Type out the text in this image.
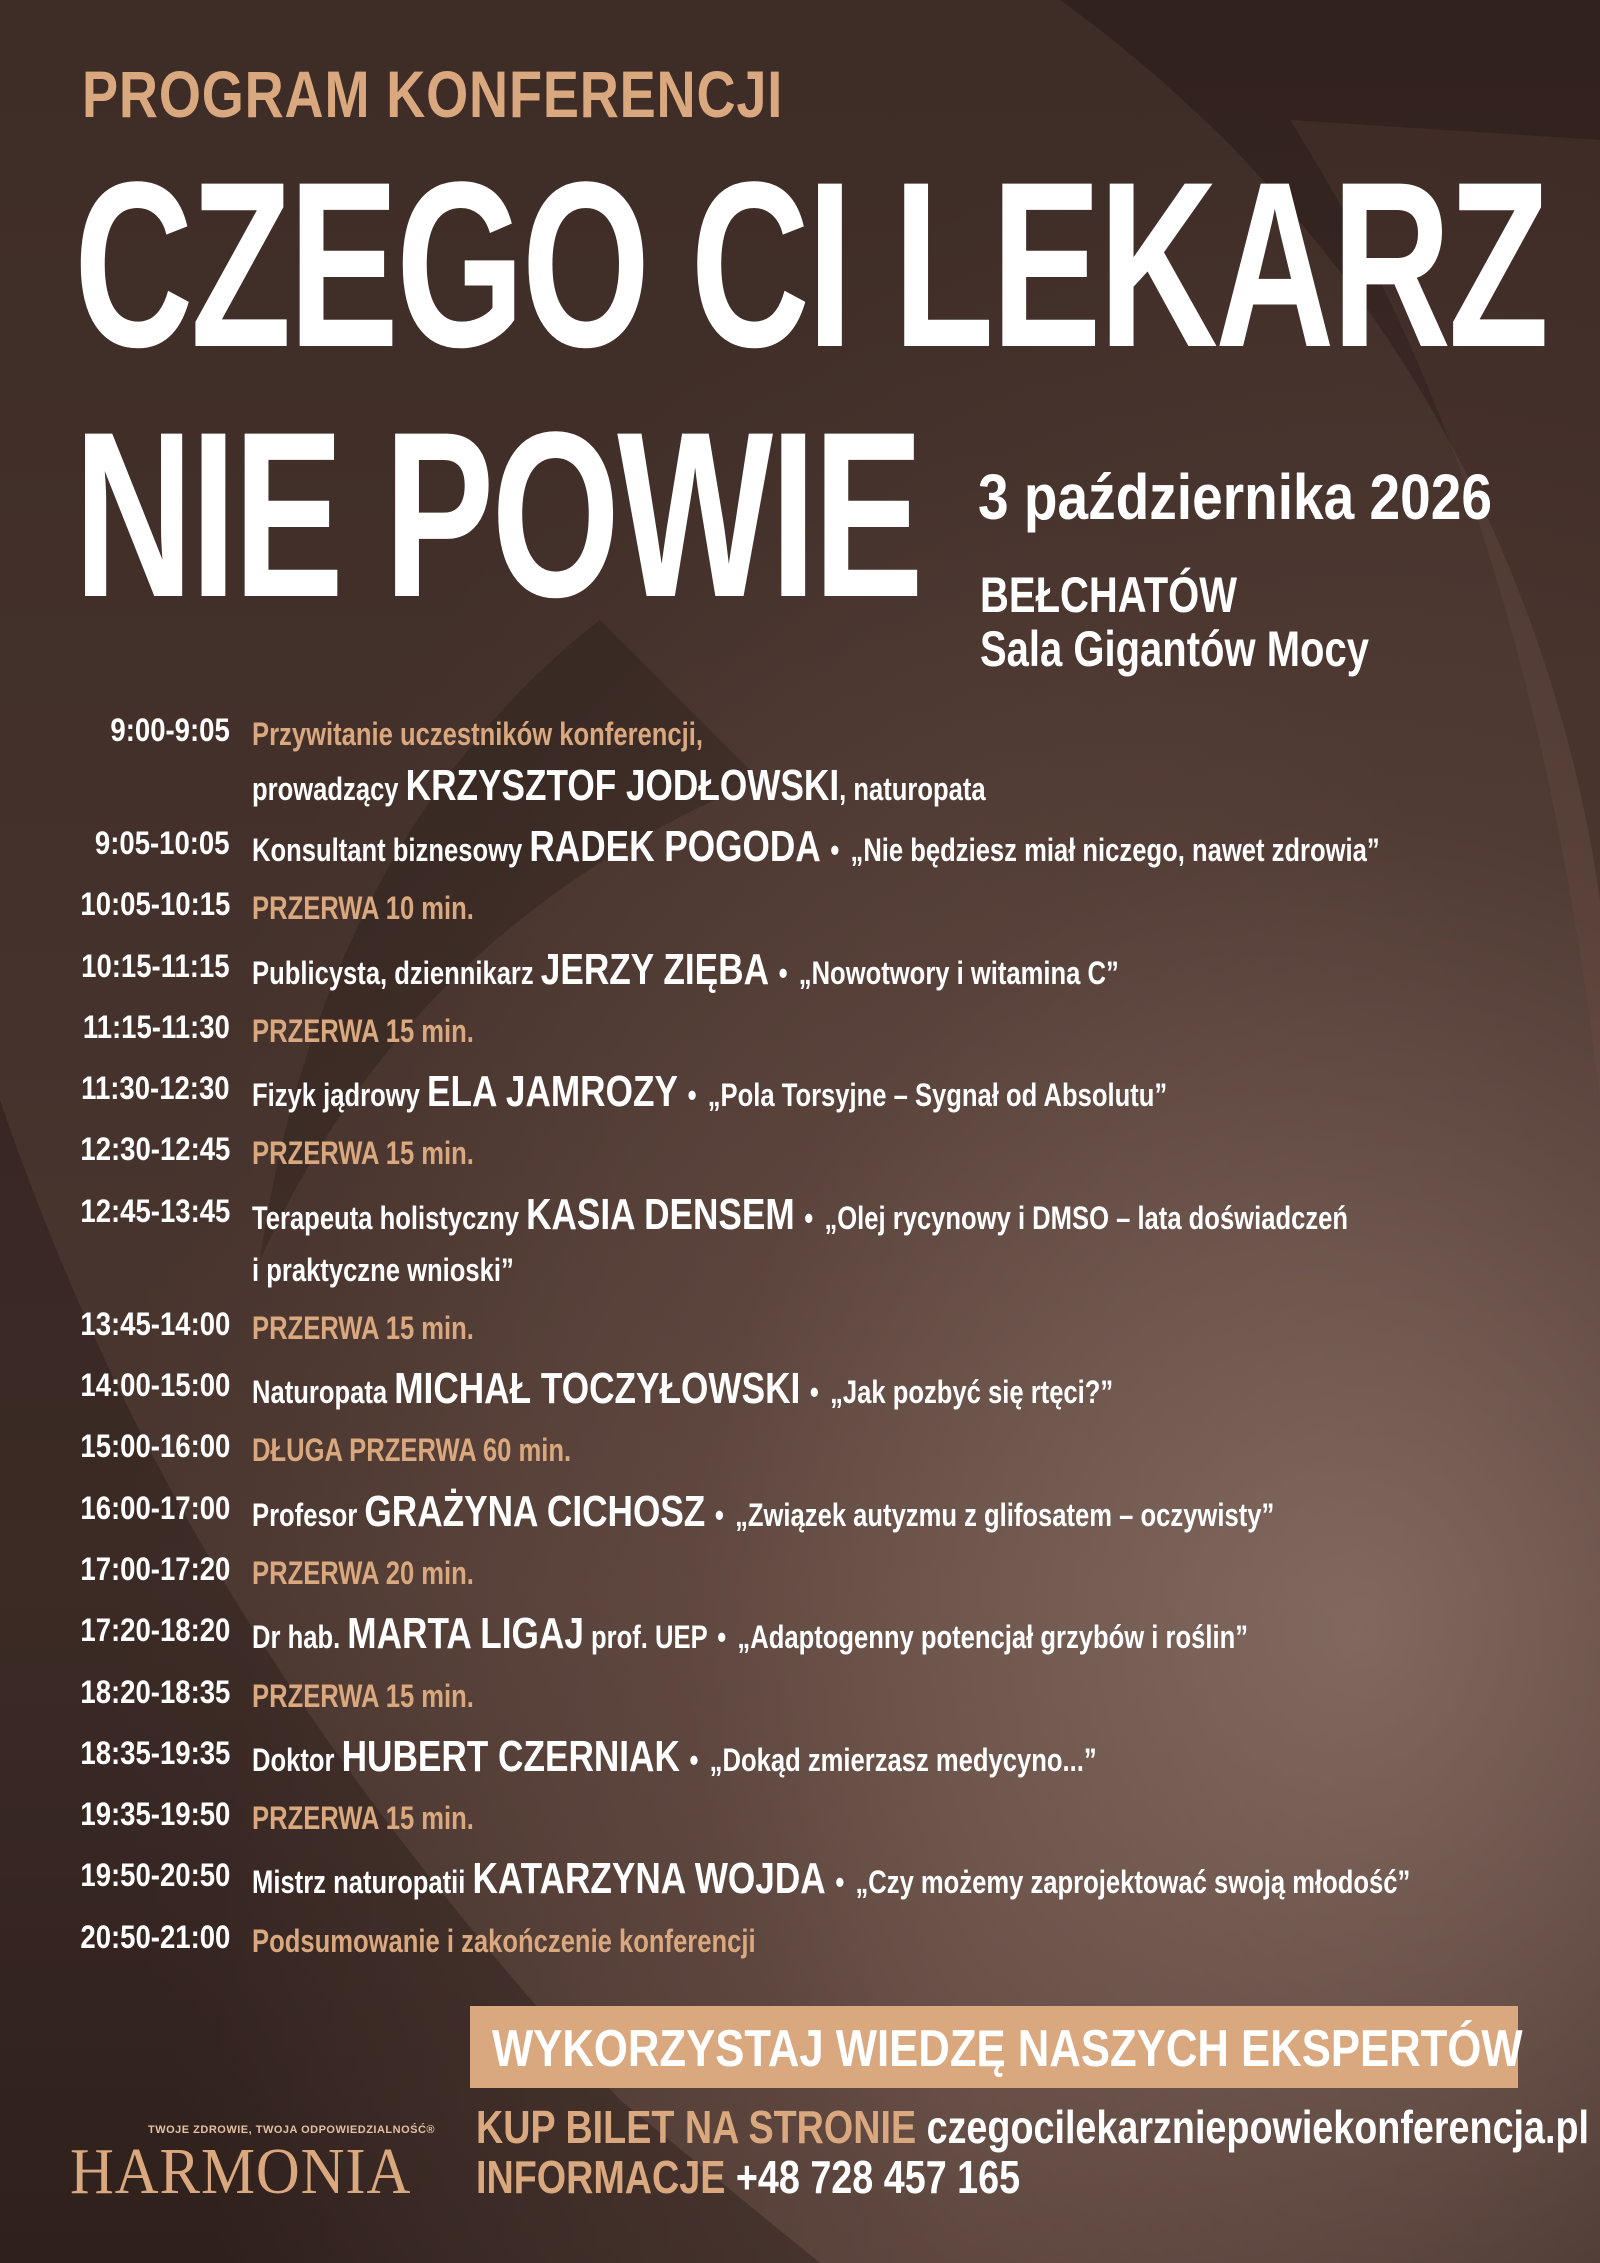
PROGRAM KONFERENCJI
CZEGO CI LEKARZ
NIE POWIE 3 października 2026
BEŁCHATÓW
Sala Gigantów Mocy
9:00-9:05 Przywitanie uczestników konferencji,
prowadzący KRZYSZTOF JODŁOWSKI, naturopata
9:05-10:05 Konsultant biznesowy RADEK POGODA • „Nie będziesz miał niczego, nawet zdrowia”
10:05-10:15 PRZERWA 10 min.
10:15-11:15 Publicysta, dziennikarz JERZY ZIĘBA • „Nowotwory i witamina C”
11:15-11:30 PRZERWA 15 min.
11:30-12:30 Fizyk jądrowy ELA JAMROZY • „Pola Torsyjne – Sygnał od Absolutu”
12:30-12:45 PRZERWA 15 min.
12:45-13:45 Terapeuta holistyczny KASIA DENSEM • „Olej rycynowy i DMSO – lata doświadczeń
i praktyczne wnioski”
13:45-14:00 PRZERWA 15 min.
14:00-15:00 Naturopata MICHAŁ TOCZYŁOWSKI • „Jak pozbyć się rtęci?”
15:00-16:00 DŁUGA PRZERWA 60 min.
16:00-17:00 Profesor GRAŻYNA CICHOSZ • „Związek autyzmu z glifosatem – oczywisty”
17:00-17:20 PRZERWA 20 min.
17:20-18:20 Dr hab. MARTA LIGAJ prof. UEP • „Adaptogenny potencjał grzybów i roślin”
18:20-18:35 PRZERWA 15 min.
18:35-19:35 Doktor HUBERT CZERNIAK • „Dokąd zmierzasz medycyno...”
19:35-19:50 PRZERWA 15 min.
19:50-20:50 Mistrz naturopatii KATARZYNA WOJDA • „Czy możemy zaprojektować swoją młodość”
20:50-21:00 Podsumowanie i zakończenie konferencji
WYKORZYSTAJ WIEDZĘ NASZYCH EKSPERTÓW
KUP BILET NA STRONIE czegocilekarzniepowiekonferencja.pl
INFORMACJE +48 728 457 165
TWOJE ZDROWIE, TWOJA ODPOWIEDZIALNOŚĆ®
HARMONIA
